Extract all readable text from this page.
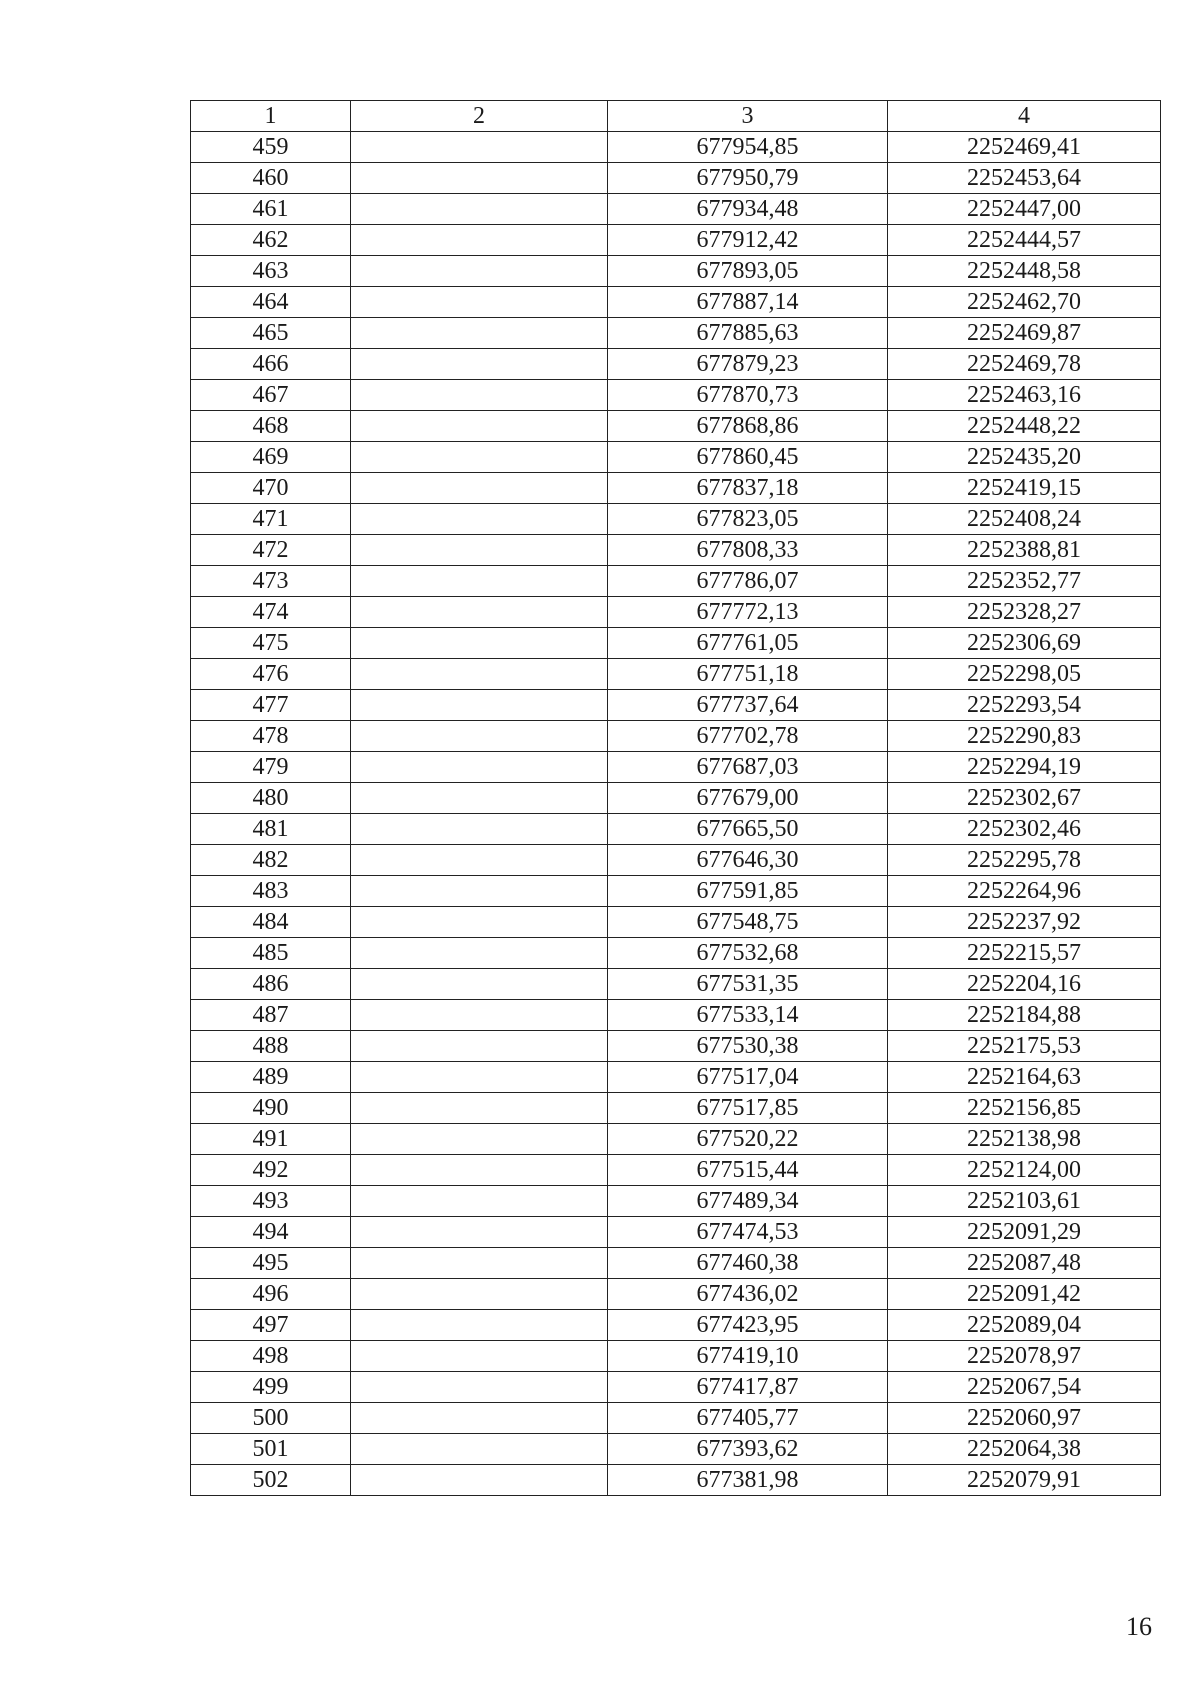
1	2	3	4
459		677954,85	2252469,41
460		677950,79	2252453,64
461		677934,48	2252447,00
462		677912,42	2252444,57
463		677893,05	2252448,58
464		677887,14	2252462,70
465		677885,63	2252469,87
466		677879,23	2252469,78
467		677870,73	2252463,16
468		677868,86	2252448,22
469		677860,45	2252435,20
470		677837,18	2252419,15
471		677823,05	2252408,24
472		677808,33	2252388,81
473		677786,07	2252352,77
474		677772,13	2252328,27
475		677761,05	2252306,69
476		677751,18	2252298,05
477		677737,64	2252293,54
478		677702,78	2252290,83
479		677687,03	2252294,19
480		677679,00	2252302,67
481		677665,50	2252302,46
482		677646,30	2252295,78
483		677591,85	2252264,96
484		677548,75	2252237,92
485		677532,68	2252215,57
486		677531,35	2252204,16
487		677533,14	2252184,88
488		677530,38	2252175,53
489		677517,04	2252164,63
490		677517,85	2252156,85
491		677520,22	2252138,98
492		677515,44	2252124,00
493		677489,34	2252103,61
494		677474,53	2252091,29
495		677460,38	2252087,48
496		677436,02	2252091,42
497		677423,95	2252089,04
498		677419,10	2252078,97
499		677417,87	2252067,54
500		677405,77	2252060,97
501		677393,62	2252064,38
502		677381,98	2252079,91
16
